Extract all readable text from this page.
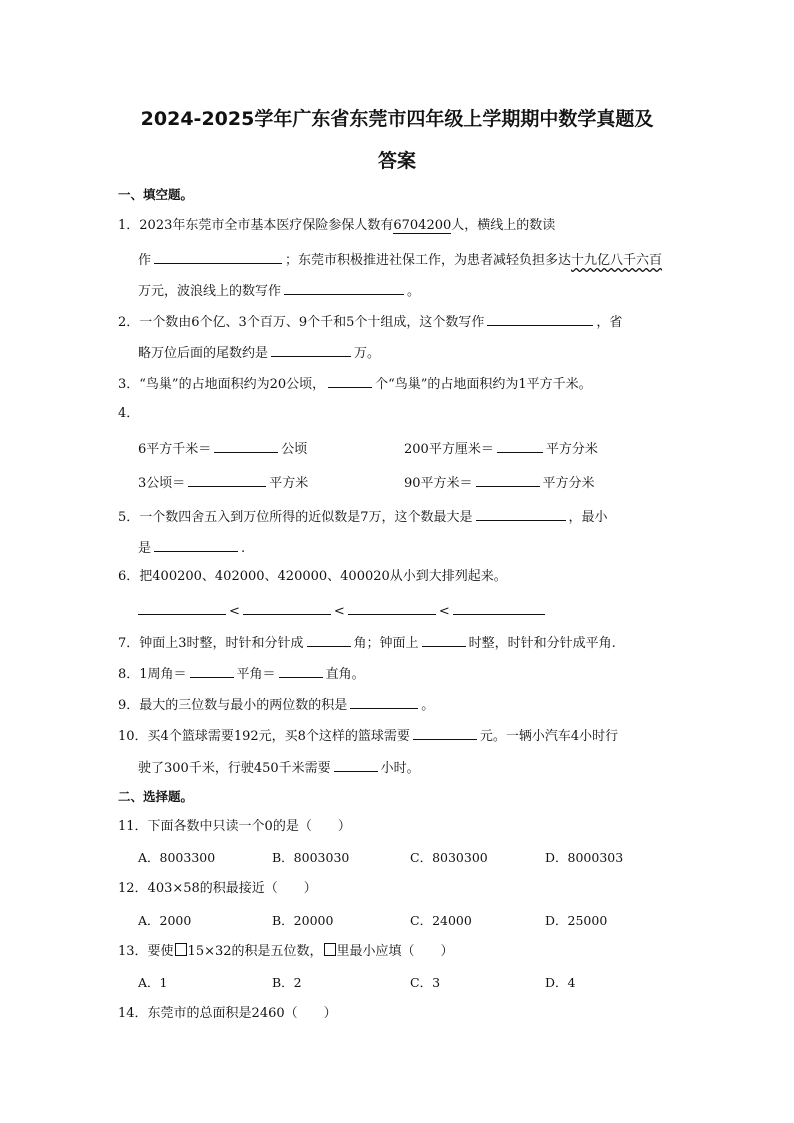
2024-2025学年广东省东莞市四年级上学期期中数学真题及
答案
一、填空题。
1．2023年东莞市全市基本医疗保险参保人数有6704200人，横线上的数读
作	；东莞市积极推进社保工作，为患者减轻负担多达十九亿八千六百
万元，波浪线上的数写作	。
2．一个数由6个亿、3个百万、9个千和5个十组成，这个数写作	，省
略万位后面的尾数约是	万。
3．“鸟巢”的占地面积约为20公顷，	个“鸟巢”的占地面积约为1平方千米。
4．
6平方千米＝	公顷	200平方厘米＝	平方分米
3公顷＝	平方米	90平方米＝	平方分米
5．一个数四舍五入到万位所得的近似数是7万，这个数最大是	，最小
是	.
6．把400200、402000、420000、400020从小到大排列起来。
<	<	<
7．钟面上3时整，时针和分针成	角；钟面上	时整，时针和分针成平角.
8．1周角＝	平角＝	直角。
9．最大的三位数与最小的两位数的积是	。
10．买4个篮球需要192元，买8个这样的篮球需要	元。一辆小汽车4小时行
驶了300千米，行驶450千米需要	小时。
二、选择题。
11．下面各数中只读一个0的是（　　）
A．8003300	B．8003030	C．8030300	D．8000303
12．403×58的积最接近（　　）
A．2000	B．20000	C．24000	D．25000
13．要使 15×32的积是五位数， 里最小应填（　　）
A．1	B．2	C．3	D．4
14．东莞市的总面积是2460（　　）
